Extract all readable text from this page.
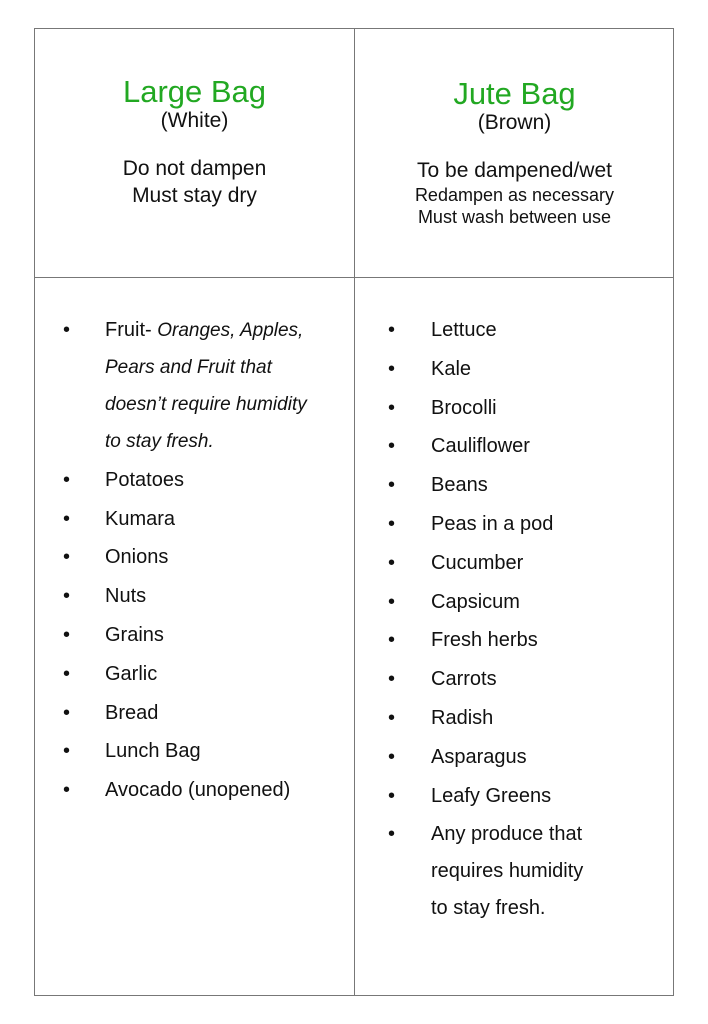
Large Bag

(White)

Do not dampen

Must stay dry

Jute Bag

(Brown)

To be dampened/wet

Redampen as necessary

Must wash between use

• Fruit- Oranges, Apples,
Pears and Fruit that
doesn’t require humidity
to stay fresh.
• Potatoes
• Kumara
• Onions
• Nuts
• Grains
• Garlic
• Bread
• Lunch Bag
• Avocado (unopened)
• Lettuce
• Kale
• Brocolli
• Cauliflower
• Beans
• Peas in a pod
• Cucumber
• Capsicum
• Fresh herbs
• Carrots
• Radish
• Asparagus
• Leafy Greens
• Any produce that
requires humidity
to stay fresh.
